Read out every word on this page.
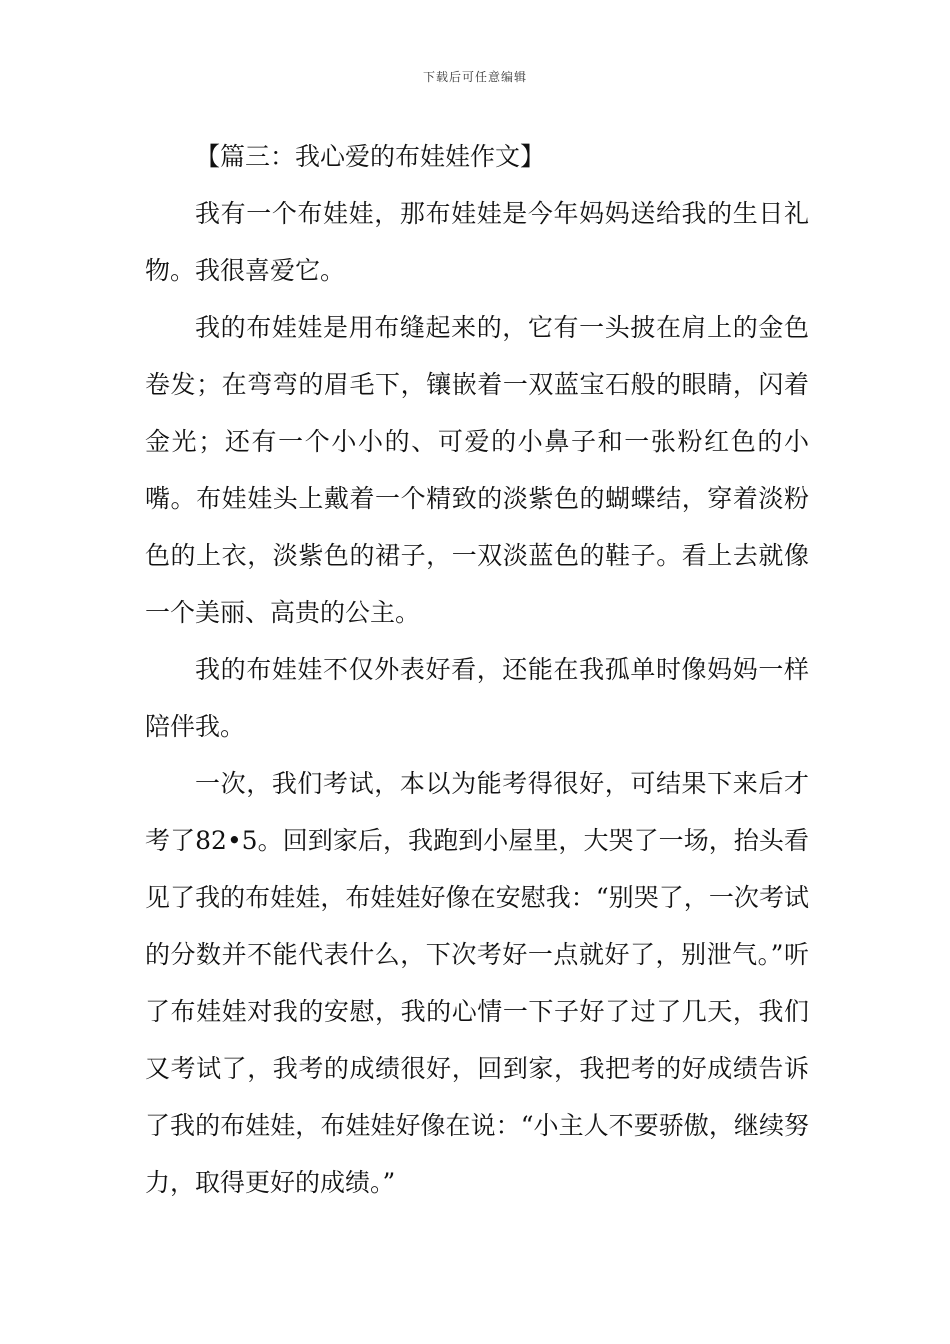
下载后可任意编辑

【篇三：我心爱的布娃娃作文】

我有一个布娃娃，那布娃娃是今年妈妈送给我的生日礼物。我很喜爱它。

我的布娃娃是用布缝起来的，它有一头披在肩上的金色卷发；在弯弯的眉毛下，镶嵌着一双蓝宝石般的眼睛，闪着金光；还有一个小小的、可爱的小鼻子和一张粉红色的小嘴。布娃娃头上戴着一个精致的淡紫色的蝴蝶结，穿着淡粉色的上衣，淡紫色的裙子，一双淡蓝色的鞋子。看上去就像一个美丽、高贵的公主。

我的布娃娃不仅外表好看，还能在我孤单时像妈妈一样陪伴我。

一次，我们考试，本以为能考得很好，可结果下来后才考了82•5。回到家后，我跑到小屋里，大哭了一场，抬头看见了我的布娃娃，布娃娃好像在安慰我：“别哭了，一次考试的分数并不能代表什么，下次考好一点就好了，别泄气。”听了布娃娃对我的安慰，我的心情一下子好了过了几天，我们又考试了，我考的成绩很好，回到家，我把考的好成绩告诉了我的布娃娃，布娃娃好像在说：“小主人不要骄傲，继续努力，取得更好的成绩。”
